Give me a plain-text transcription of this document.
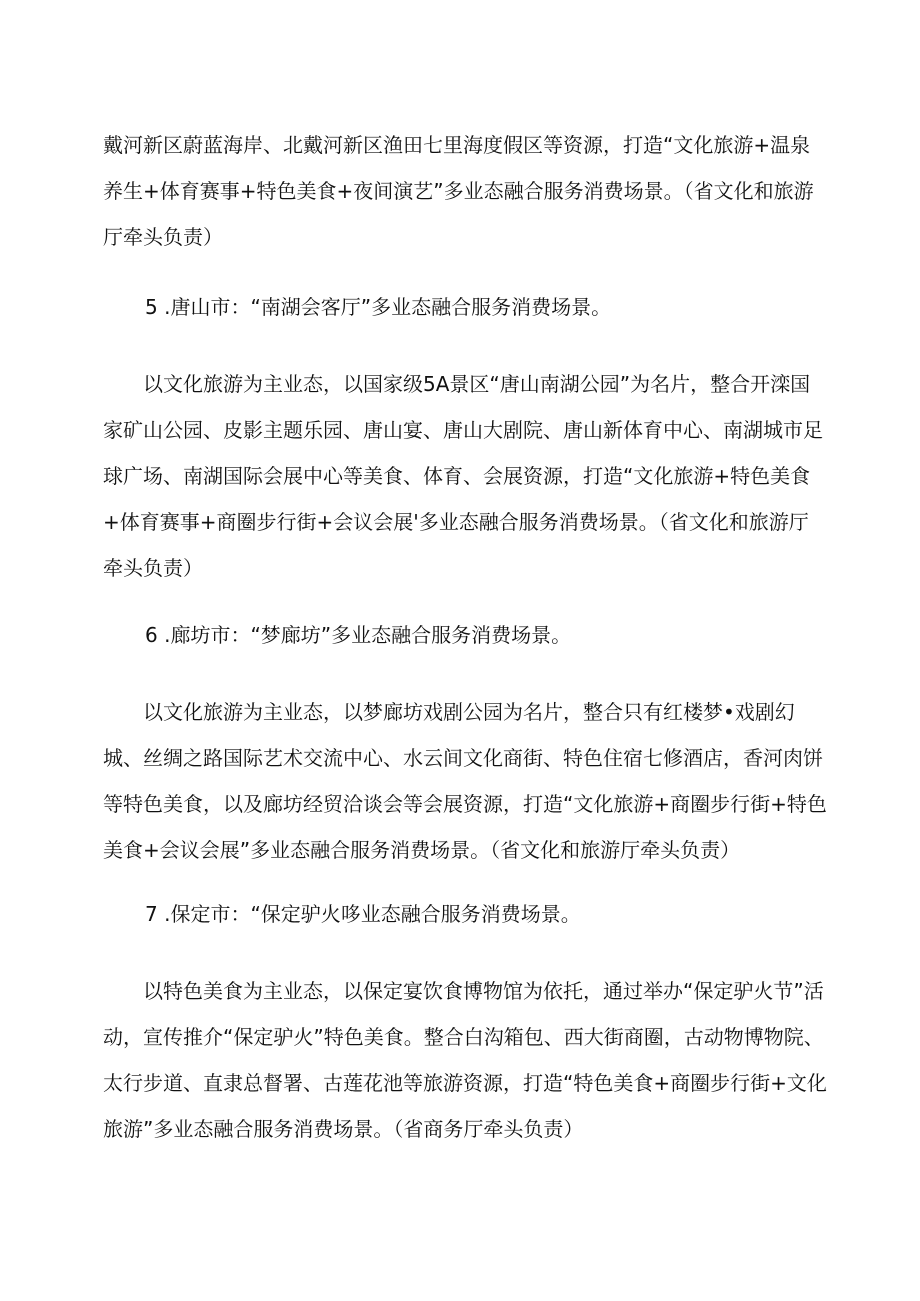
戴河新区蔚蓝海岸、北戴河新区渔田七里海度假区等资源，打造“文化旅游+温泉养生+体育赛事+特色美食+夜间演艺”多业态融合服务消费场景。（省文化和旅游厅牵头负责）

5 .唐山市：“南湖会客厅”多业态融合服务消费场景。

以文化旅游为主业态，以国家级5A景区“唐山南湖公园”为名片，整合开滦国家矿山公园、皮影主题乐园、唐山宴、唐山大剧院、唐山新体育中心、南湖城市足球广场、南湖国际会展中心等美食、体育、会展资源，打造“文化旅游+特色美食+体育赛事+商圈步行街+会议会展'多业态融合服务消费场景。（省文化和旅游厅牵头负责）

6 .廊坊市：“梦廊坊”多业态融合服务消费场景。

以文化旅游为主业态，以梦廊坊戏剧公园为名片，整合只有红楼梦•戏剧幻城、丝绸之路国际艺术交流中心、水云间文化商街、特色住宿七修酒店，香河肉饼等特色美食，以及廊坊经贸洽谈会等会展资源，打造“文化旅游+商圈步行街+特色美食+会议会展”多业态融合服务消费场景。（省文化和旅游厅牵头负责）

7 .保定市：“保定驴火哆业态融合服务消费场景。

以特色美食为主业态，以保定宴饮食博物馆为依托，通过举办“保定驴火节”活动，宣传推介“保定驴火”特色美食。整合白沟箱包、西大街商圈，古动物博物院、太行步道、直隶总督署、古莲花池等旅游资源，打造“特色美食+商圈步行街+文化旅游”多业态融合服务消费场景。（省商务厅牵头负责）
